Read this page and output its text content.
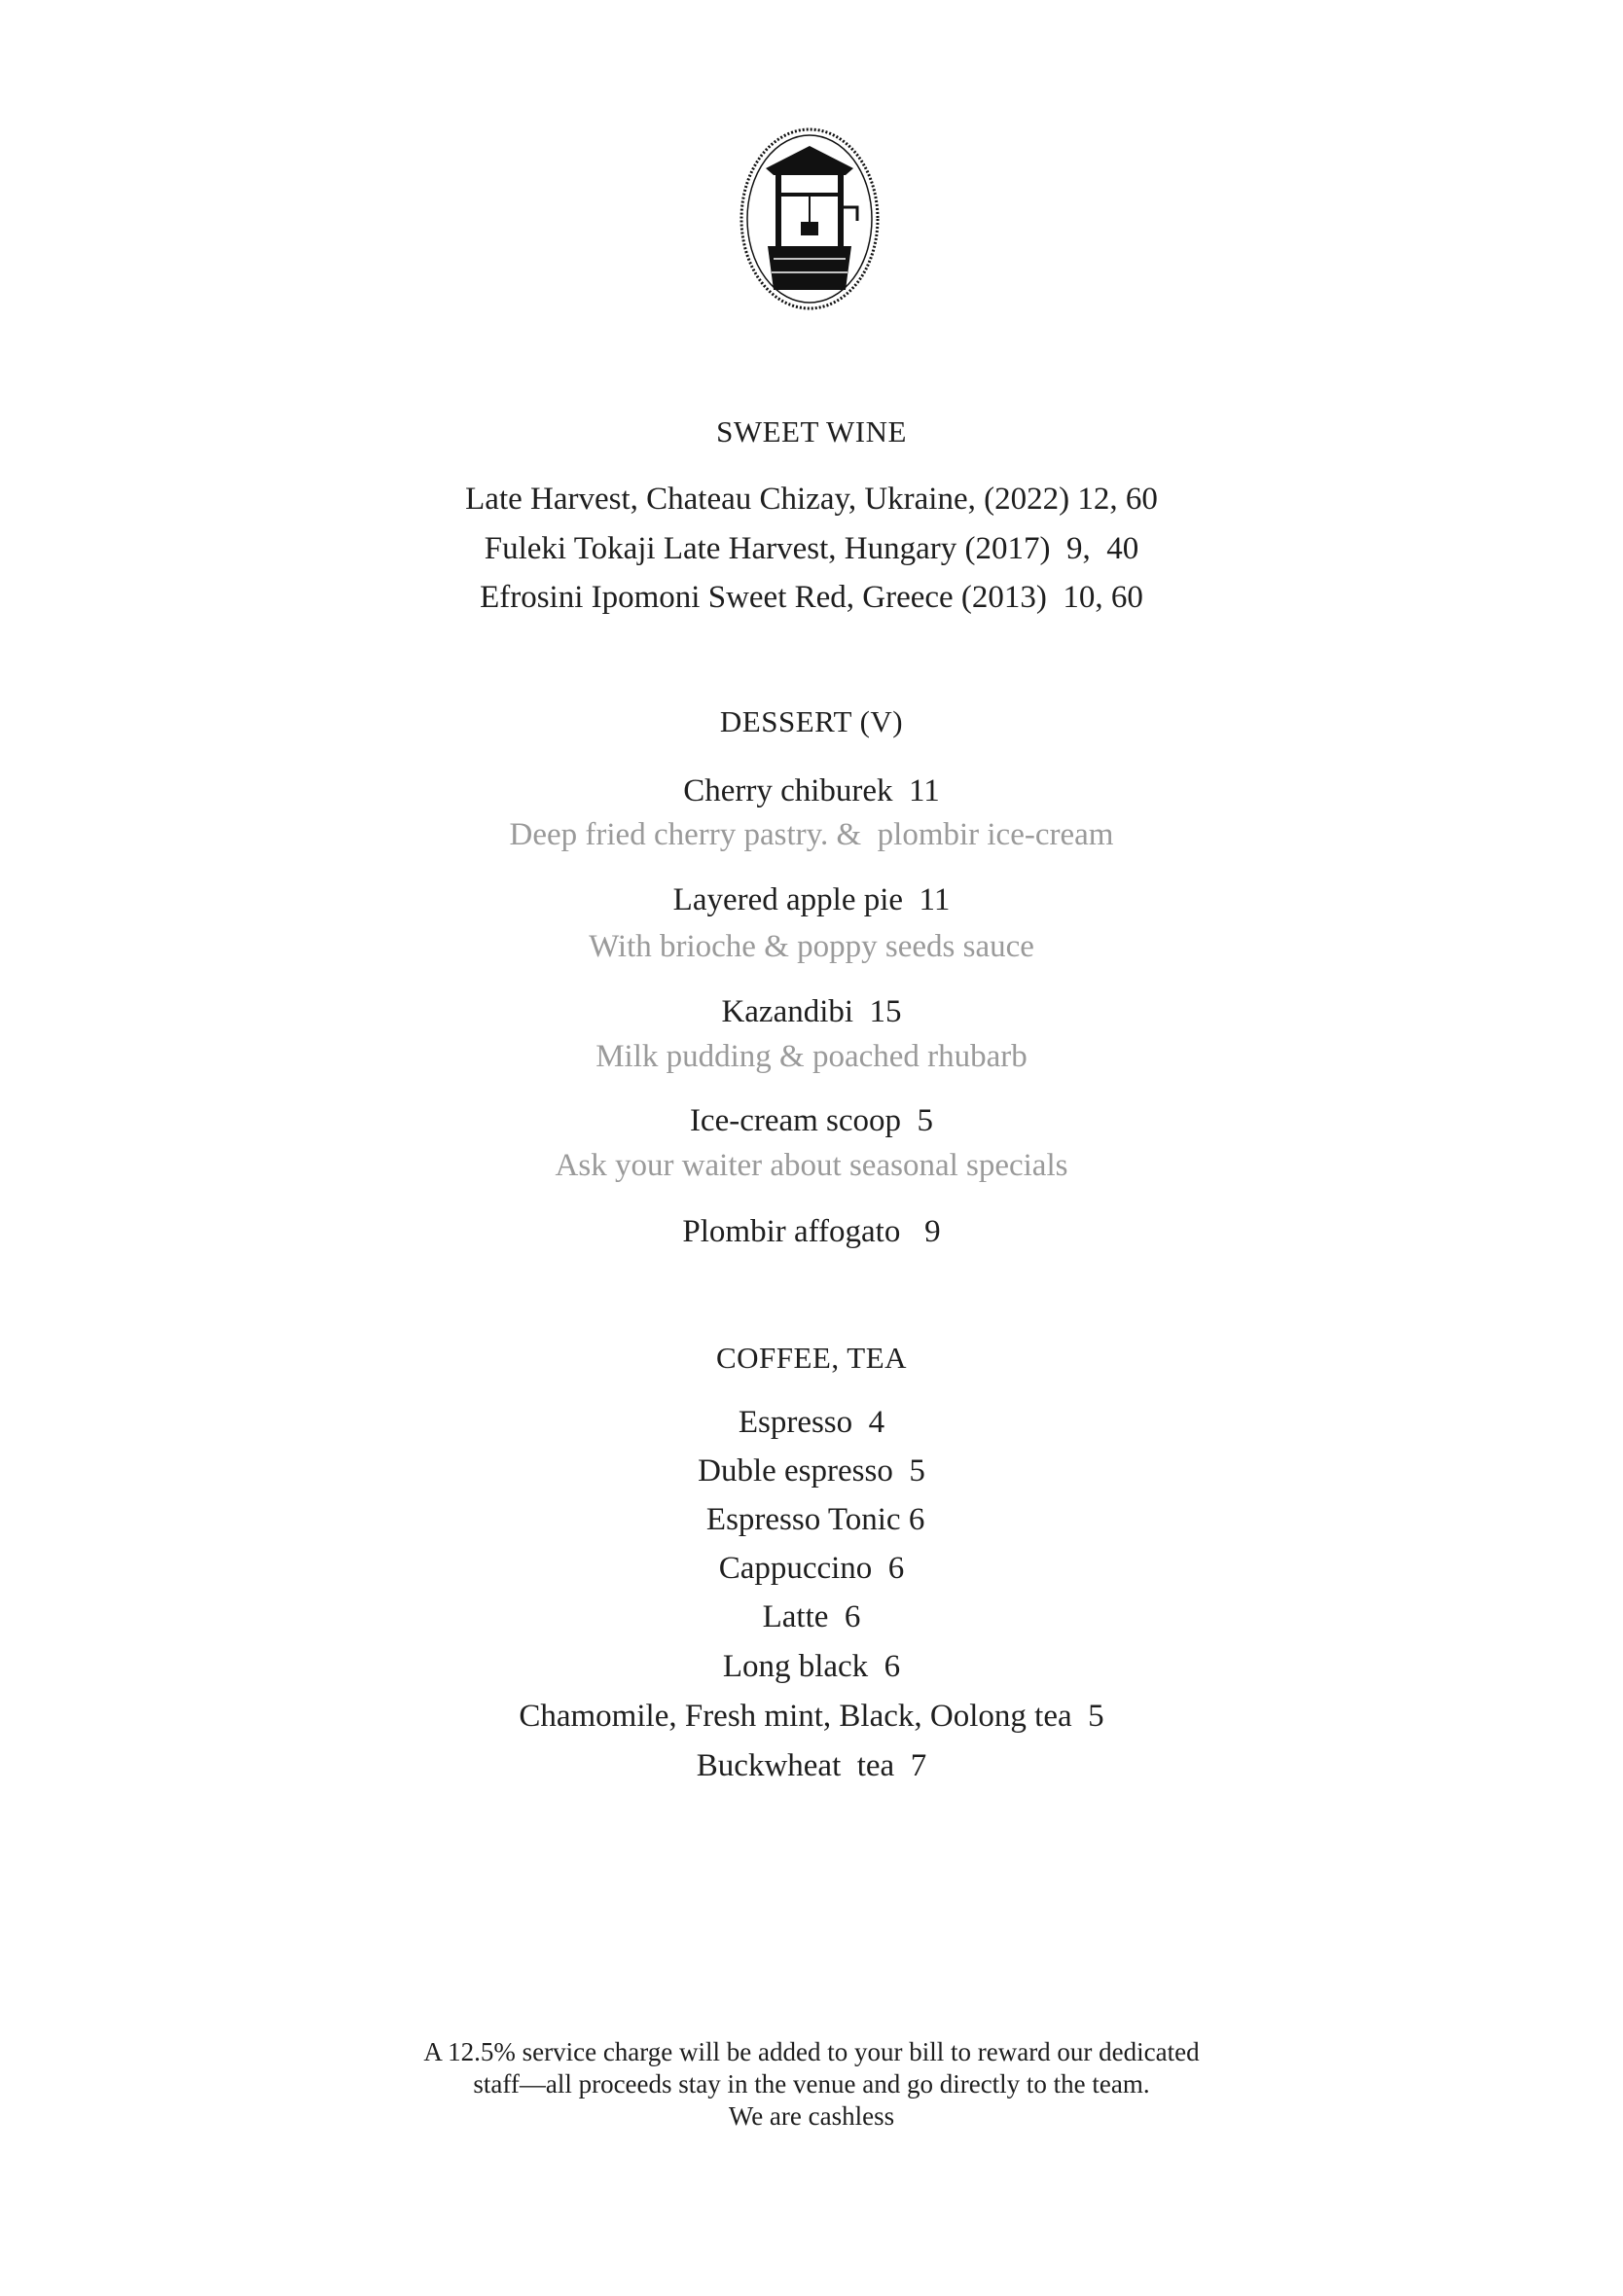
SWEET WINE
Late Harvest, Chateau Chizay, Ukraine, (2022) 12, 60
Fuleki Tokaji Late Harvest, Hungary (2017)  9,  40
Efrosini Ipomoni Sweet Red, Greece (2013)  10, 60
DESSERT (V)
Cherry chiburek  11
Deep fried cherry pastry. &  plombir ice-cream
Layered apple pie  11
With brioche & poppy seeds sauce
Kazandibi  15
Milk pudding & poached rhubarb
Ice-cream scoop  5
Ask your waiter about seasonal specials
Plombir affogato   9
COFFEE, TEA
Espresso  4
Duble espresso  5
Espresso Tonic 6
Cappuccino  6
Latte  6
Long black  6
Chamomile, Fresh mint, Black, Oolong tea  5
Buckwheat  tea  7
A 12.5% service charge will be added to your bill to reward our dedicated
staff—all proceeds stay in the venue and go directly to the team.
We are cashless
